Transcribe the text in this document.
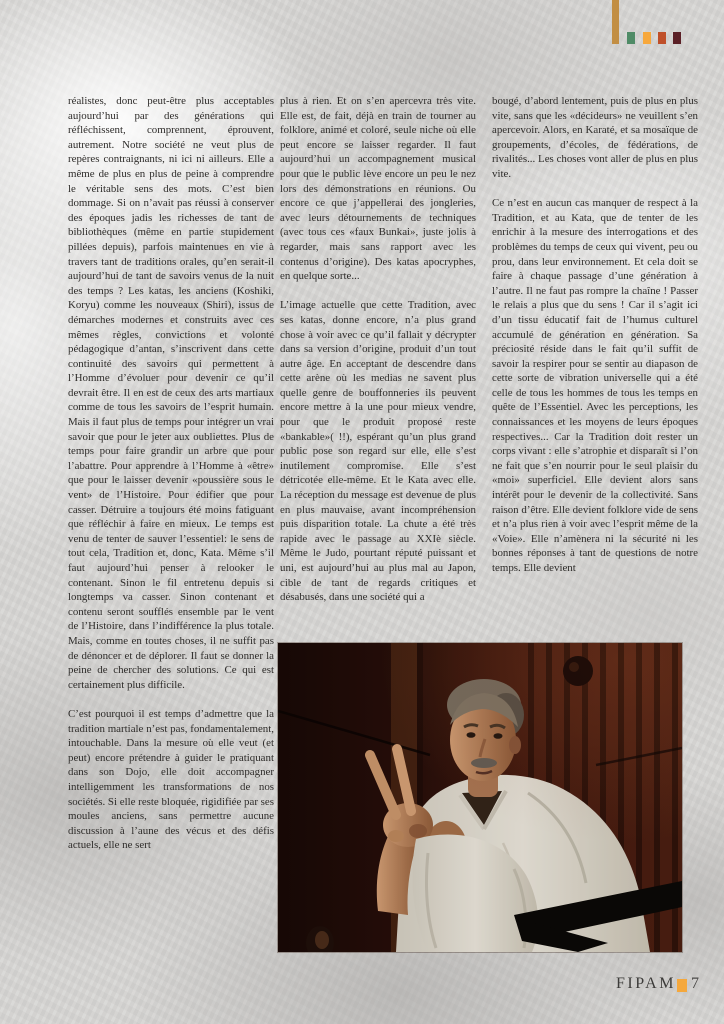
réalistes, donc peut-être plus acceptables aujourd’hui par des générations qui réfléchissent, comprennent, éprouvent, autrement. Notre société ne veut plus de repères contraignants, ni ici ni ailleurs. Elle a même de plus en plus de peine à comprendre le véritable sens des mots. C’est bien dommage. Si on n’avait pas réussi à conserver des époques jadis les richesses de tant de bibliothèques (même en partie stupidement pillées depuis), parfois maintenues en vie à travers tant de traditions orales, qu’en serait-il aujourd’hui de tant de savoirs venus de la nuit des temps ? Les katas, les anciens (Koshiki, Koryu) comme les nouveaux (Shiri), issus de démarches modernes et construits avec ces mêmes règles, convictions et volonté pédagogique d’antan, s’inscrivent dans cette continuité des savoirs qui permettent à l’Homme d’évoluer pour devenir ce qu’il devrait être. Il en est de ceux des arts martiaux comme de tous les savoirs de l’esprit humain. Mais il faut plus de temps pour intégrer un vrai savoir que pour le jeter aux oubliettes. Plus de temps pour faire grandir un arbre que pour l’abattre. Pour apprendre à l’Homme à «être» que pour le laisser devenir «poussière sous le vent» de l’Histoire. Pour édifier que pour casser. Détruire a toujours été moins fatiguant que réfléchir à faire en mieux. Le temps est venu de tenter de sauver l’essentiel: le sens de tout cela, Tradition et, donc, Kata. Même s’il faut aujourd’hui penser à relooker le contenant. Sinon le fil entretenu depuis si longtemps va casser. Sinon contenant et contenu seront soufflés ensemble par le vent de l’Histoire, dans l’indifférence la plus totale. Mais, comme en toutes choses, il ne suffit pas de dénoncer et de déplorer. Il faut se donner la peine de chercher des solutions. Ce qui est certainement plus difficile.

C’est pourquoi il est temps d’admettre que la tradition martiale n’est pas, fondamentalement, intouchable. Dans la mesure où elle veut (et peut) encore prétendre à guider le pratiquant dans son Dojo, elle doit accompagner intelligemment les transformations de nos sociétés. Si elle reste bloquée, rigidifiée par ses moules anciens, sans permettre aucune discussion à l’aune des vécus et des défis actuels, elle ne sert

plus à rien. Et on s’en apercevra très vite. Elle est, de fait, déjà en train de tourner au folklore, animé et coloré, seule niche où elle peut encore se laisser regarder. Il faut aujourd’hui un accompagnement musical pour que le public lève encore un peu le nez lors des démonstrations en réunions. Ou encore ce que j’appellerai des jongleries, avec leurs détournements de techniques (avec tous ces «faux Bunkai», juste jolis à regarder, mais sans rapport avec les contenus d’origine). Des katas apocryphes, en quelque sorte...

L’image actuelle que cette Tradition, avec ses katas, donne encore, n’a plus grand chose à voir avec ce qu’il fallait y décrypter dans sa version d’origine, produit d’un tout autre âge. En acceptant de descendre dans cette arène où les medias ne savent plus quelle genre de bouffonneries ils peuvent encore mettre à la une pour mieux vendre, pour que le produit proposé reste «bankable»( !!), espérant qu’un plus grand public pose son regard sur elle, elle s’est inutilement compromise. Elle s’est détricotée elle-même. Et le Kata avec elle. La réception du message est devenue de plus en plus mauvaise, avant incompréhension puis disparition totale. La chute a été très rapide avec le passage au XXIè siècle. Même le Judo, pourtant réputé puissant et uni, est aujourd’hui au plus mal au Japon, cible de tant de regards critiques et désabusés, dans une société qui a

bougé, d’abord lentement, puis de plus en plus vite, sans que les «décideurs» ne veuillent s’en apercevoir. Alors, en Karaté, et sa mosaïque de groupements, d’écoles, de fédérations, de rivalités... Les choses vont aller de plus en plus vite.

Ce n’est en aucun cas manquer de respect à la Tradition, et au Kata, que de tenter de les enrichir à la mesure des interrogations et des problèmes du temps de ceux qui vivent, peu ou prou, dans leur environnement. Et cela doit se faire à chaque passage d’une génération à l’autre. Il ne faut pas rompre la chaîne ! Passer le relais a plus que du sens ! Car il s’agit ici d’un tissu éducatif fait de l’humus culturel accumulé de génération en génération. Sa préciosité réside dans le fait qu’il suffit de savoir la respirer pour se sentir au diapason de cette sorte de vibration universelle qui a été celle de tous les hommes de tous les temps en quête de l’Essentiel. Avec les perceptions, les connaissances et les moyens de leurs époques respectives... Car la Tradition doit rester un corps vivant : elle s’atrophie et disparaît si l’on ne fait que s’en nourrir pour le seul plaisir du «moi» superficiel. Elle devient alors sans intérêt pour le devenir de la collectivité. Sans raison d’être. Elle devient folklore vide de sens et n’a plus rien à voir avec l’esprit même de la «Voie». Elle n’amènera ni la sécurité ni les bonnes réponses à tant de questions de notre temps. Elle devient

FIPAM 7
